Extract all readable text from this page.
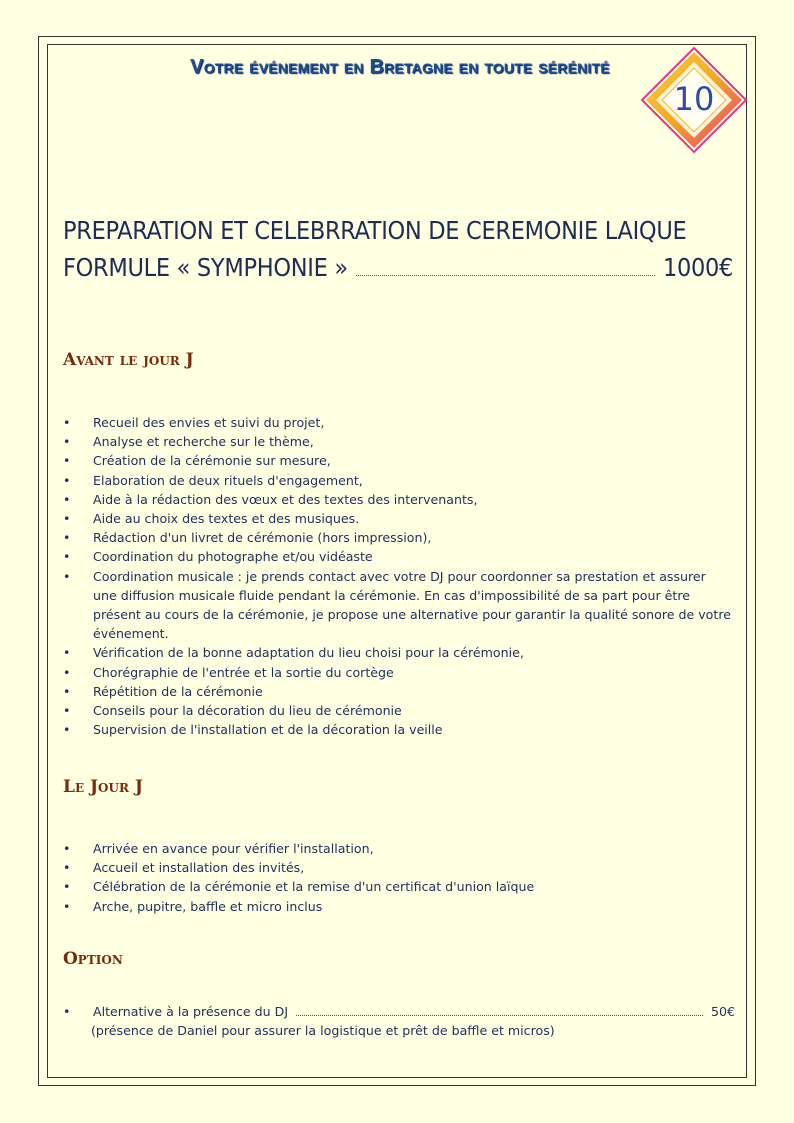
Votre événement en Bretagne en toute sérénité
10
PREPARATION ET CELEBRRATION DE CEREMONIE LAIQUE
FORMULE « SYMPHONIE »	1000€
Avant le jour J
• Recueil des envies et suivi du projet,
• Analyse et recherche sur le thème,
• Création de la cérémonie sur mesure,
• Elaboration de deux rituels d'engagement,
• Aide à la rédaction des vœux et des textes des intervenants,
• Aide au choix des textes et des musiques.
• Rédaction d'un livret de cérémonie (hors impression),
• Coordination du photographe et/ou vidéaste
• Coordination musicale : je prends contact avec votre DJ pour coordonner sa prestation et assurer une diffusion musicale fluide pendant la cérémonie. En cas d'impossibilité de sa part pour être présent au cours de la cérémonie, je propose une alternative pour garantir la qualité sonore de votre événement.
• Vérification de la bonne adaptation du lieu choisi pour la cérémonie,
• Chorégraphie de l'entrée et la sortie du cortège
• Répétition de la cérémonie
• Conseils pour la décoration du lieu de cérémonie
• Supervision de l'installation et de la décoration la veille
Le Jour J
• Arrivée en avance pour vérifier l'installation,
• Accueil et installation des invités,
• Célébration de la cérémonie et la remise d'un certificat d'union laïque
• Arche, pupitre, baffle et micro inclus
Option
• Alternative à la présence du DJ	50€
(présence de Daniel pour assurer la logistique et prêt de baffle et micros)
